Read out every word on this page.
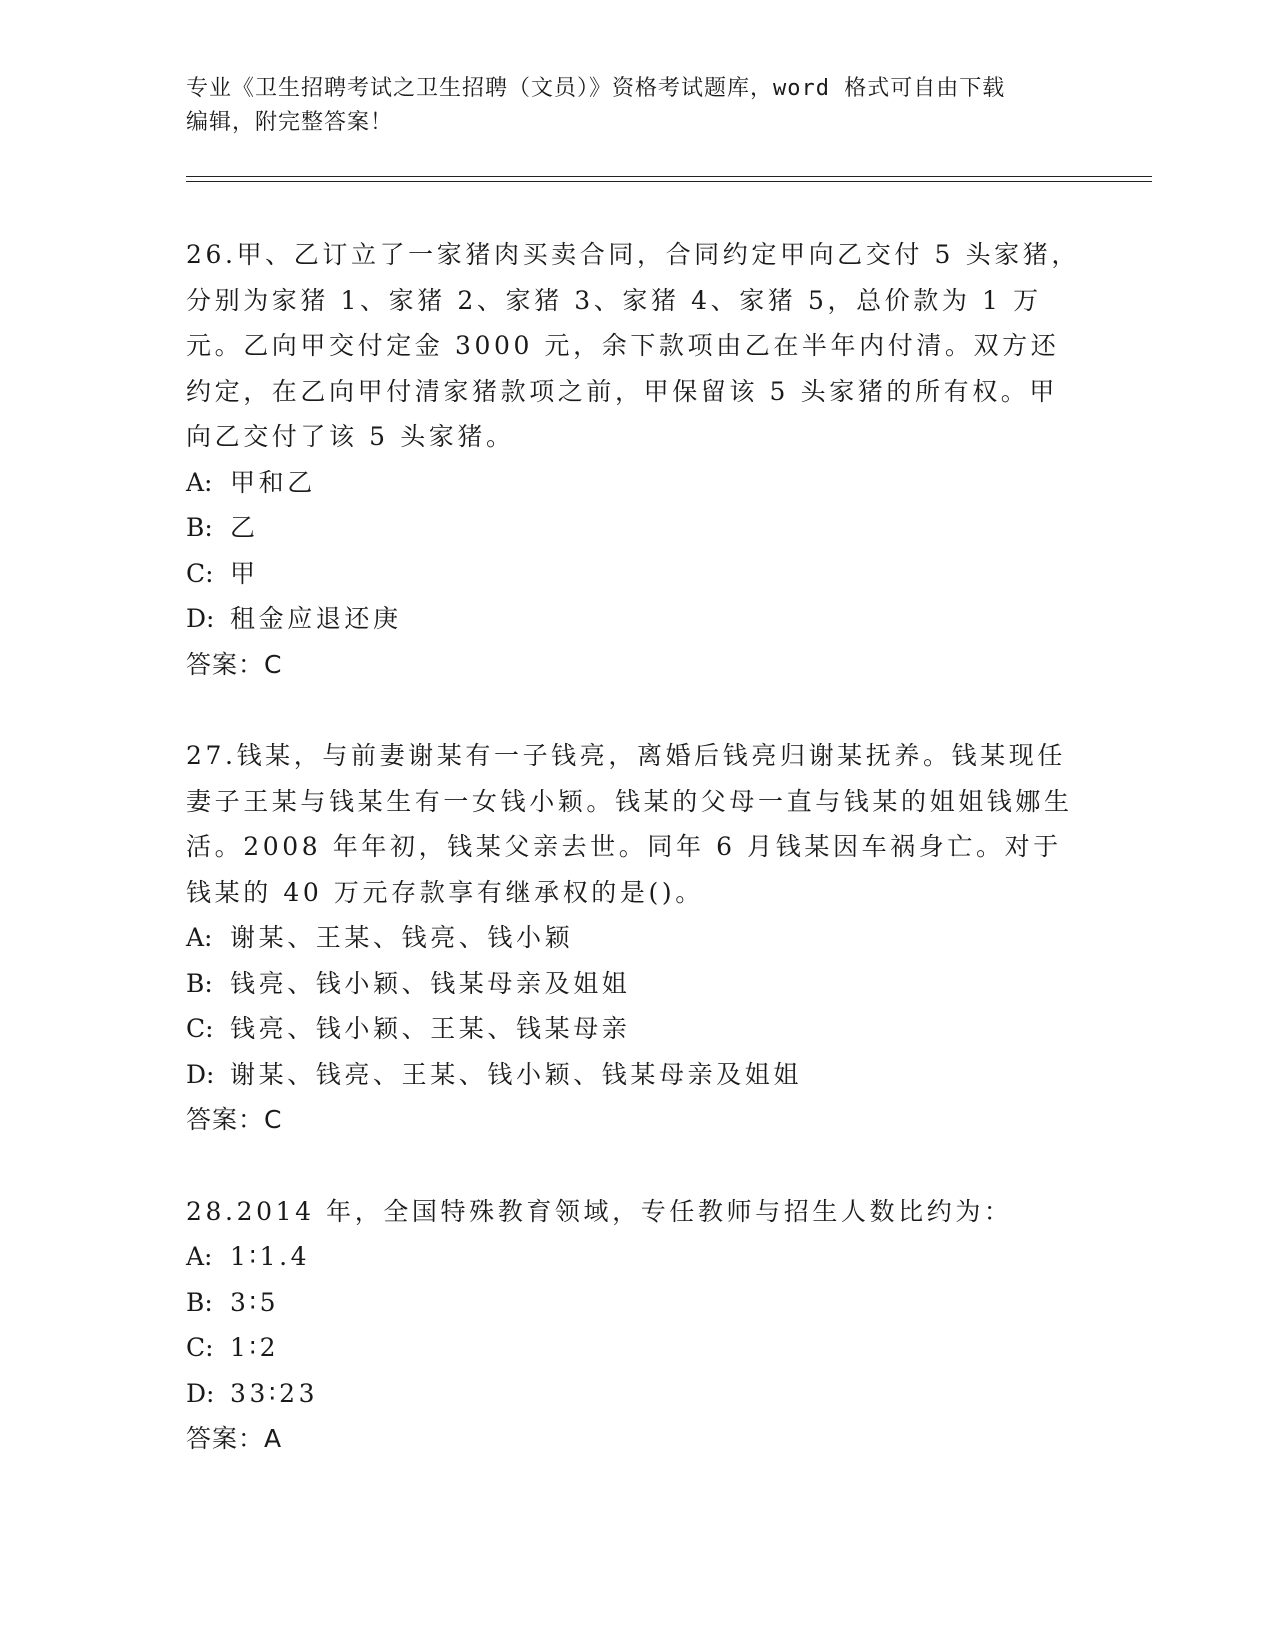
专业《卫生招聘考试之卫生招聘（文员）》资格考试题库，word 格式可自由下载
编辑，附完整答案！

26.甲、乙订立了一家猪肉买卖合同，合同约定甲向乙交付 5 头家猪，分别为家猪 1、家猪 2、家猪 3、家猪 4、家猪 5，总价款为 1 万元。乙向甲交付定金 3000 元，余下款项由乙在半年内付清。双方还约定，在乙向甲付清家猪款项之前，甲保留该 5 头家猪的所有权。甲向乙交付了该 5 头家猪。

A: 甲和乙

B: 乙

C: 甲

D: 租金应退还庚

答案：C

27.钱某，与前妻谢某有一子钱亮，离婚后钱亮归谢某抚养。钱某现任妻子王某与钱某生有一女钱小颖。钱某的父母一直与钱某的姐姐钱娜生活。2008 年年初，钱某父亲去世。同年 6 月钱某因车祸身亡。对于钱某的 40 万元存款享有继承权的是()。

A: 谢某、王某、钱亮、钱小颖

B: 钱亮、钱小颖、钱某母亲及姐姐

C: 钱亮、钱小颖、王某、钱某母亲

D: 谢某、钱亮、王某、钱小颖、钱某母亲及姐姐

答案：C

28.2014 年，全国特殊教育领域，专任教师与招生人数比约为：

A: 1∶1.4

B: 3∶5

C: 1∶2

D: 33∶23

答案：A
